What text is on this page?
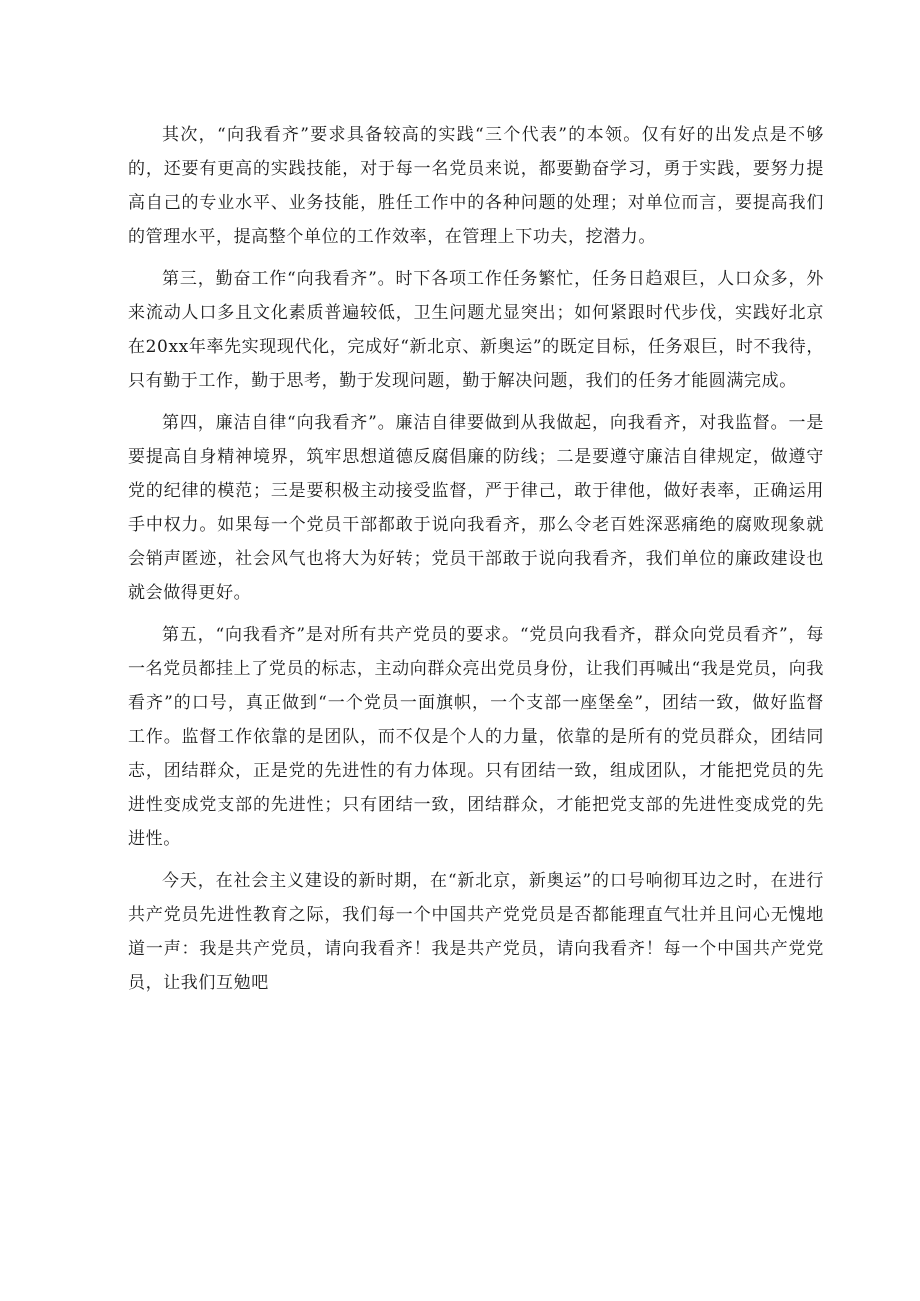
其次，“向我看齐”要求具备较高的实践“三个代表”的本领。仅有好的出发点是不够的，还要有更高的实践技能，对于每一名党员来说，都要勤奋学习，勇于实践，要努力提高自己的专业水平、业务技能，胜任工作中的各种问题的处理；对单位而言，要提高我们的管理水平，提高整个单位的工作效率，在管理上下功夫，挖潜力。

第三，勤奋工作“向我看齐”。时下各项工作任务繁忙，任务日趋艰巨，人口众多，外来流动人口多且文化素质普遍较低，卫生问题尤显突出；如何紧跟时代步伐，实践好北京在20xx年率先实现现代化，完成好“新北京、新奥运”的既定目标，任务艰巨，时不我待，只有勤于工作，勤于思考，勤于发现问题，勤于解决问题，我们的任务才能圆满完成。

第四，廉洁自律“向我看齐”。廉洁自律要做到从我做起，向我看齐，对我监督。一是要提高自身精神境界，筑牢思想道德反腐倡廉的防线；二是要遵守廉洁自律规定，做遵守党的纪律的模范；三是要积极主动接受监督，严于律己，敢于律他，做好表率，正确运用手中权力。如果每一个党员干部都敢于说向我看齐，那么令老百姓深恶痛绝的腐败现象就会销声匿迹，社会风气也将大为好转；党员干部敢于说向我看齐，我们单位的廉政建设也就会做得更好。

第五，“向我看齐”是对所有共产党员的要求。“党员向我看齐，群众向党员看齐”，每一名党员都挂上了党员的标志，主动向群众亮出党员身份，让我们再喊出“我是党员，向我看齐”的口号，真正做到“一个党员一面旗帜，一个支部一座堡垒”，团结一致，做好监督工作。监督工作依靠的是团队，而不仅是个人的力量，依靠的是所有的党员群众，团结同志，团结群众，正是党的先进性的有力体现。只有团结一致，组成团队，才能把党员的先进性变成党支部的先进性；只有团结一致，团结群众，才能把党支部的先进性变成党的先进性。

今天，在社会主义建设的新时期，在“新北京，新奥运”的口号响彻耳边之时，在进行共产党员先进性教育之际，我们每一个中国共产党党员是否都能理直气壮并且问心无愧地道一声：我是共产党员，请向我看齐！我是共产党员，请向我看齐！每一个中国共产党党员，让我们互勉吧
